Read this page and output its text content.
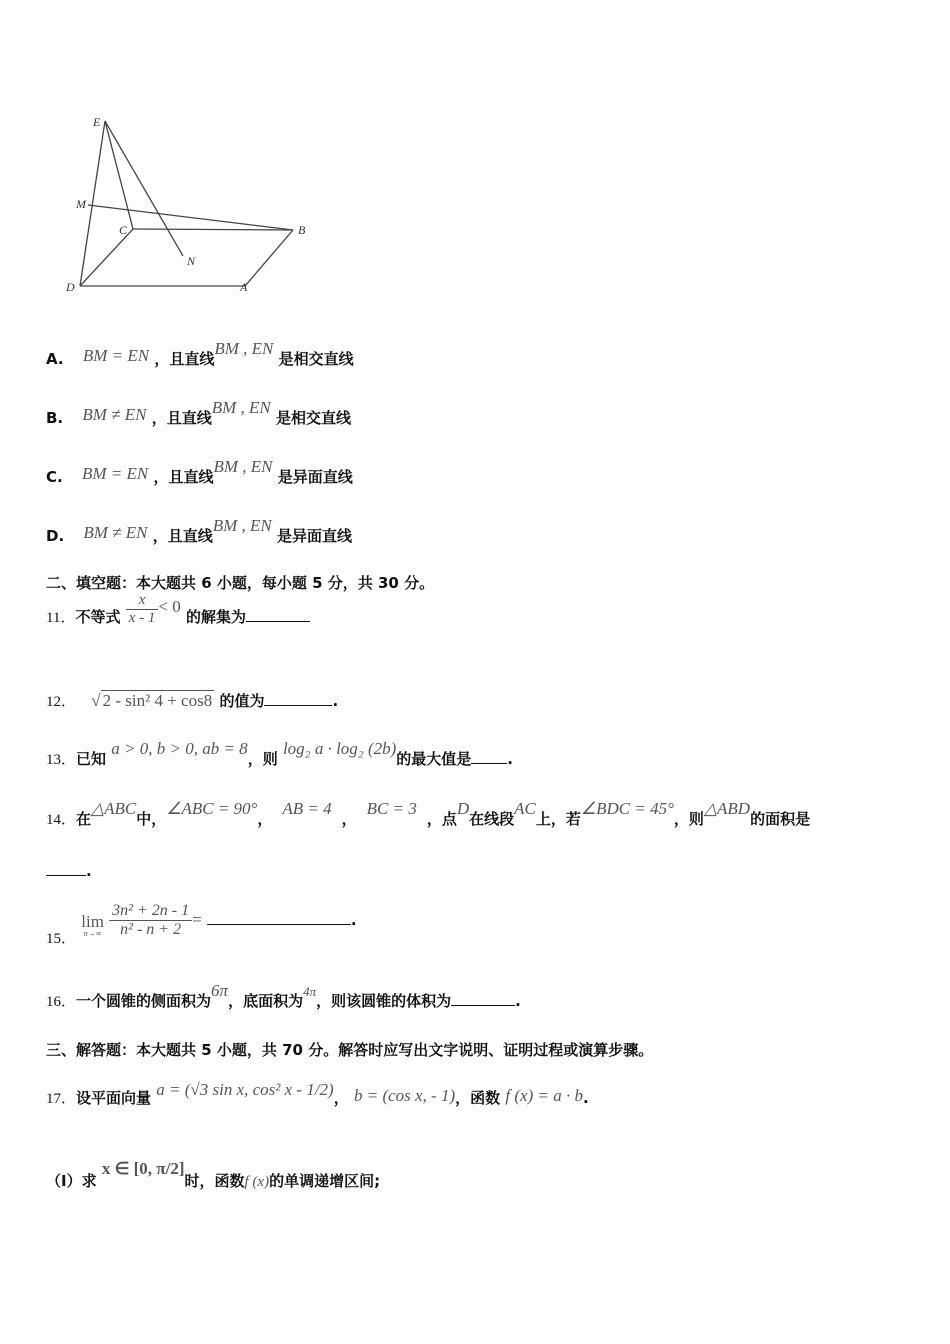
E
M
C	B
N
D	A
A. BM = EN ，且直线BM , EN 是相交直线
B. BM ≠ EN ，且直线BM , EN 是相交直线
C. BM = EN ，且直线BM , EN 是异面直线
D. BM ≠ EN ，且直线BM , EN 是异面直线
二、填空题：本大题共 6 小题，每小题 5 分，共 30 分。
11．不等式 $\frac{x}{x - 1} < 0$ 的解集为
12． √ 2 - sin² 4 + cos8 的值为	.
13．已知 a > 0, b > 0, ab = 8，则 log₂ a · log₂ (2b)的最大值是 .
14．在△ABC中，∠ABC = 90°，AB = 4，BC = 3，点D在线段AC上，若∠BDC = 45°，则△ABD的面积是
.
15．
lim
n→∞
$\frac{\text{3n² + 2n - 1}}{\text{n² - n + 2}}$ =	.
16．一个圆锥的侧面积为6π，底面积为4π，则该圆锥的体积为	.
三、解答题：本大题共 5 小题，共 70 分。解答时应写出文字说明、证明过程或演算步骤。
17．设平面向量 a = (√3 sin x, cos² x - 1/2)， b = (cos x, - 1)，函数 f (x) = a · b.
（Ⅰ）求 x ∈ [0, π/2]时，函数f (x)的单调递增区间;
